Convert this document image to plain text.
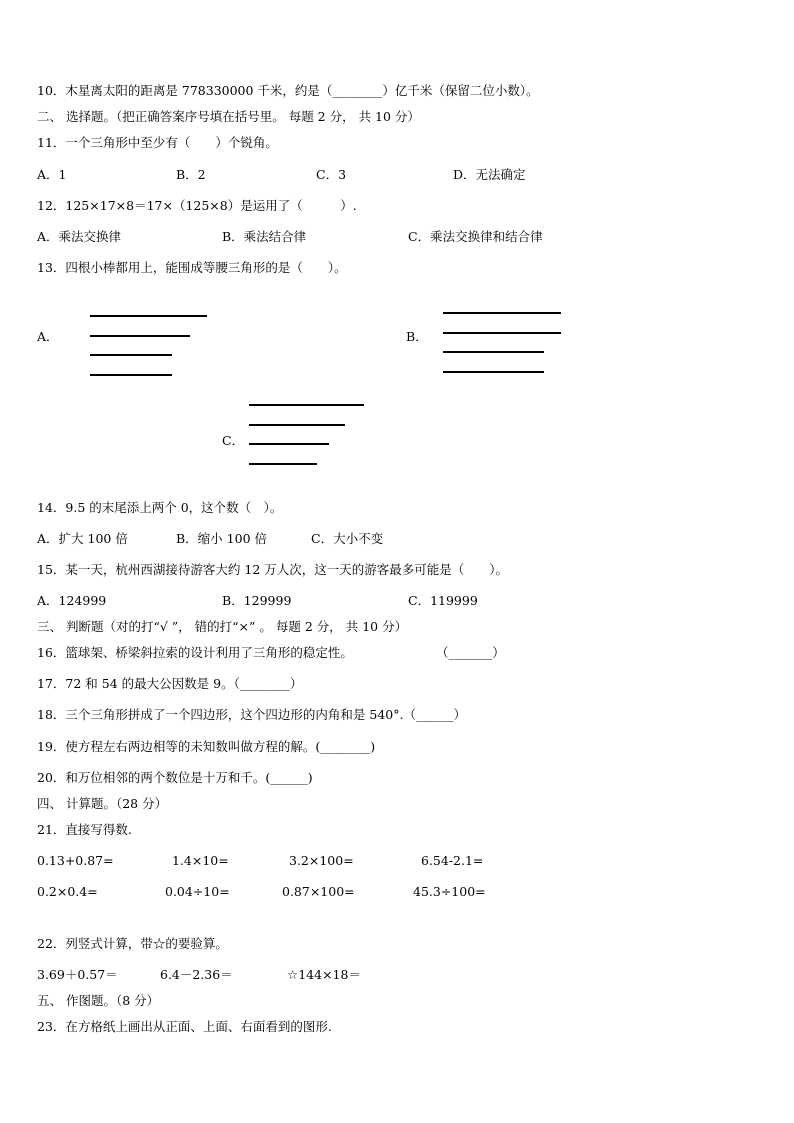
10．木星离太阳的距离是 778330000 千米，约是（________）亿千米（保留二位小数）。
二、 选择题。（把正确答案序号填在括号里。 每题 2 分， 共 10 分）
11．一个三角形中至少有（　　）个锐角。
A．1	B．2	C．3	D．无法确定
12．125×17×8＝17×（125×8）是运用了（　　　）.
A．乘法交换律	B．乘法结合律	C．乘法交换律和结合律
13．四根小棒都用上，能围成等腰三角形的是（　　）。
A．	B．
C．
14．9.5 的末尾添上两个 0，这个数（　）。
A．扩大 100 倍	B．缩小 100 倍	C．大小不变
15．某一天，杭州西湖接待游客大约 12 万人次，这一天的游客最多可能是（　　）。
A．124999	B．129999	C．119999
三、 判断题（对的打“√ ”， 错的打“×” 。 每题 2 分， 共 10 分）
16．篮球架、桥梁斜拉索的设计利用了三角形的稳定性。	（_______）
17．72 和 54 的最大公因数是 9。（________）
18．三个三角形拼成了一个四边形，这个四边形的内角和是 540°.（______）
19．使方程左右两边相等的未知数叫做方程的解。(________)
20．和万位相邻的两个数位是十万和千。(______)
四、 计算题。（28 分）
21．直接写得数.
0.13+0.87=	1.4×10=	3.2×100=	6.54-2.1=
0.2×0.4=	0.04÷10=	0.87×100=	45.3÷100=
22．列竖式计算，带☆的要验算。
3.69＋0.57＝	6.4－2.36＝	☆144×18＝
五、 作图题。（8 分）
23．在方格纸上画出从正面、上面、右面看到的图形.
